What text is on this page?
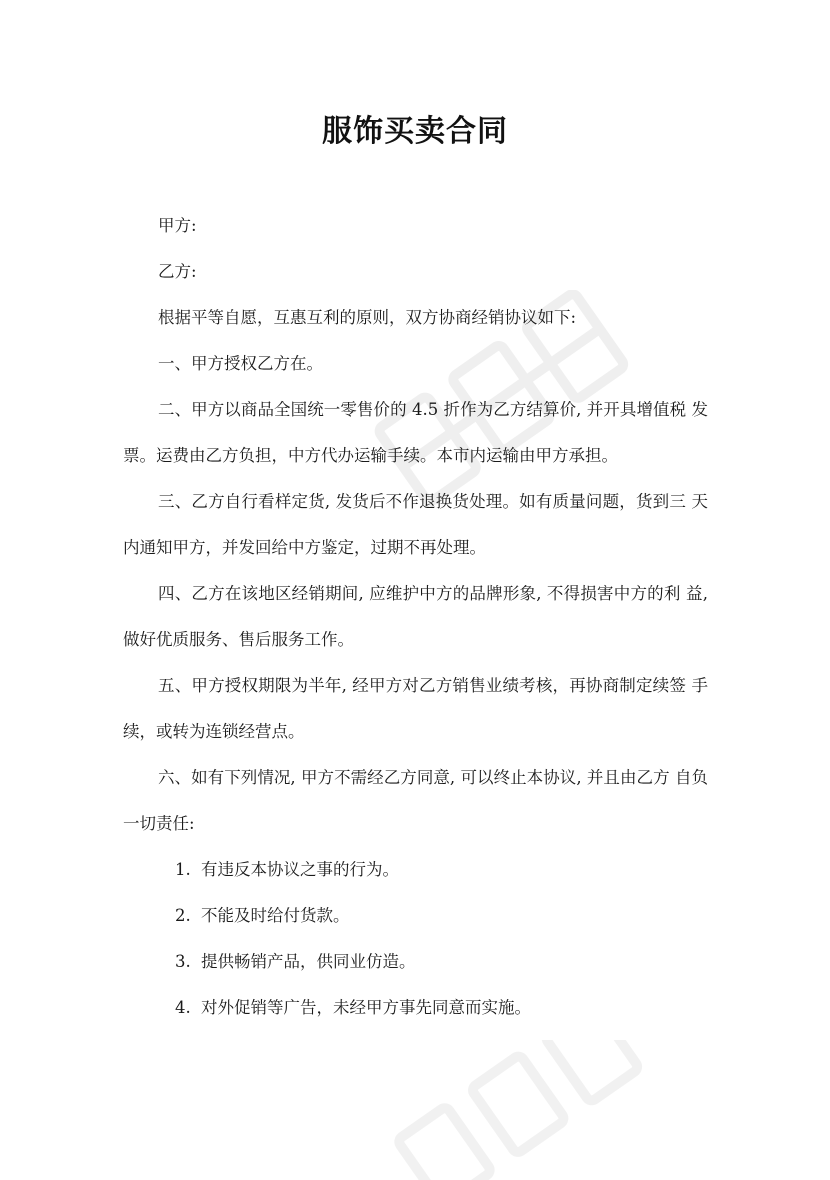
服饰买卖合同

甲方:

乙方:

根据平等自愿，互惠互利的原则，双方协商经销协议如下:

一、甲方授权乙方在。

二、甲方以商品全国统一零售价的 4.5 折作为乙方结算价, 并开具增值税 发票。运费由乙方负担，中方代办运输手续。本市内运输由甲方承担。

三、乙方自行看样定货, 发货后不作退换货处理。如有质量问题，货到三 天内通知甲方，并发回给中方鉴定，过期不再处理。

四、乙方在该地区经销期间, 应维护中方的品牌形象, 不得损害中方的利 益, 做好优质服务、售后服务工作。

五、甲方授权期限为半年, 经甲方对乙方销售业绩考核，再协商制定续签 手续，或转为连锁经营点。

六、如有下列情况, 甲方不需经乙方同意, 可以终止本协议, 并且由乙方 自负一切责任:

1. 有违反本协议之事的行为。
2. 不能及时给付货款。
3. 提供畅销产品，供同业仿造。
4. 对外促销等广告，未经甲方事先同意而实施。
